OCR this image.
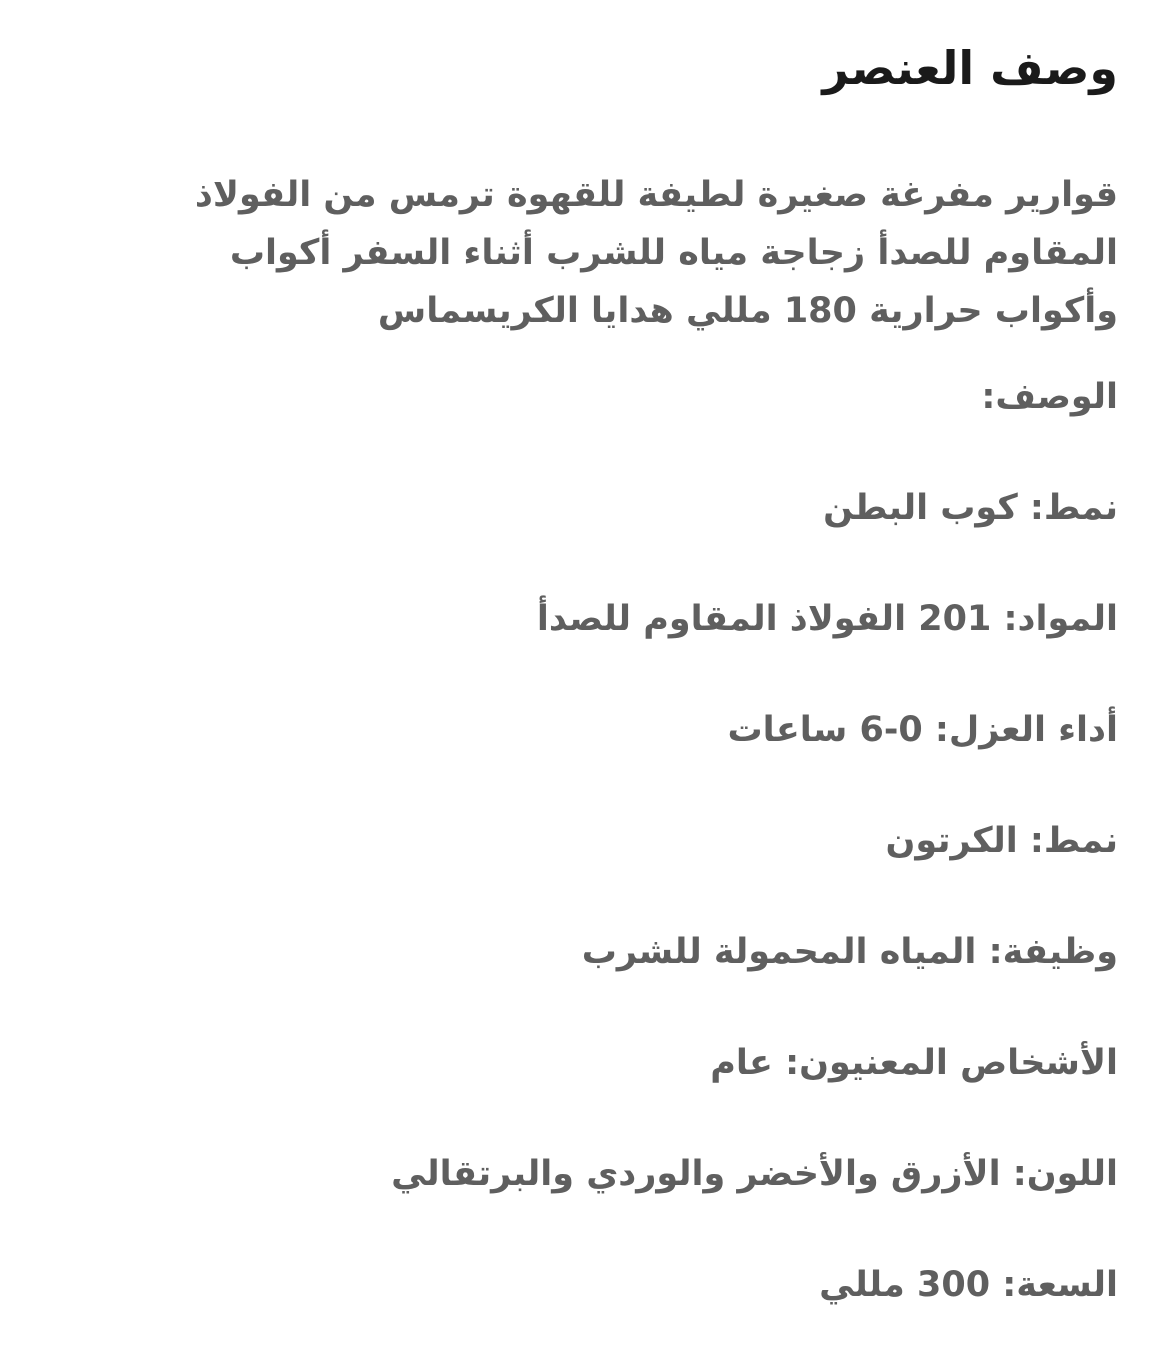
وصف العنصر

قوارير مفرغة صغيرة لطيفة للقهوة ترمس من الفولاذ المقاوم للصدأ زجاجة مياه للشرب أثناء السفر أكواب وأكواب حرارية 180 مللي هدايا الكريسماس

الوصف:
نمط: كوب البطن
المواد: 201 الفولاذ المقاوم للصدأ
أداء العزل: 0-6 ساعات
نمط: الكرتون
وظيفة: المياه المحمولة للشرب
الأشخاص المعنيون: عام
اللون: الأزرق والأخضر والوردي والبرتقالي
السعة: 300 مللي
